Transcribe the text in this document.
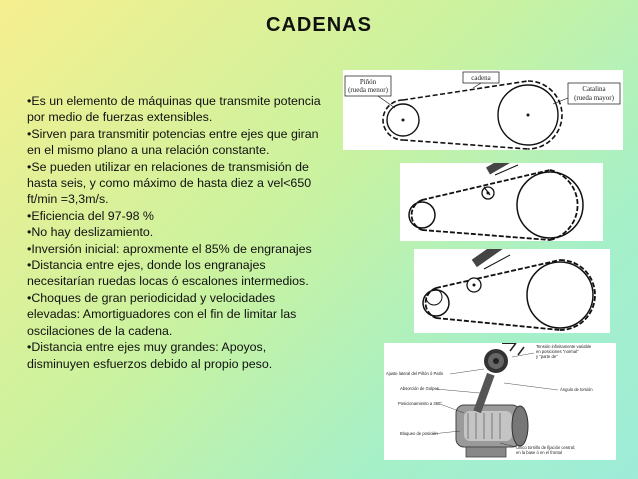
CADENAS
•Es un elemento de máquinas que transmite potencia por medio de fuerzas extensibles.
•Sirven para transmitir potencias entre ejes que giran en el mismo plano a una relación constante.
•Se pueden utilizar en relaciones de transmisión de hasta seis, y como máximo de hasta diez a vel<650 ft/min =3,3m/s.
•Eficiencia del 97-98 %
•No hay deslizamiento.
•Inversión inicial: aproxmente el 85% de engranajes
•Distancia entre ejes, donde los engranajes necesitarían ruedas locas ó escalones intermedios.
•Choques de gran periodicidad y velocidades elevadas: Amortiguadores con el fin de limitar las oscilaciones de la cadena.
•Distancia entre ejes muy grandes: Apoyos, disminuyen esfuerzos debido al propio peso.
Piñón
(rueda menor)
cadena
Catalina
(rueda mayor)
Tensión infinitamente variable
en posiciones "normal"
y "parte de"
Ajuste lateral del Piñón ó Patín
Absorción de Golpes	Ángulo de torsión
Posicionamiento a 360°
Bloqueo de posición
Único tornillo de fijación central;
en la base ó en el frontal
